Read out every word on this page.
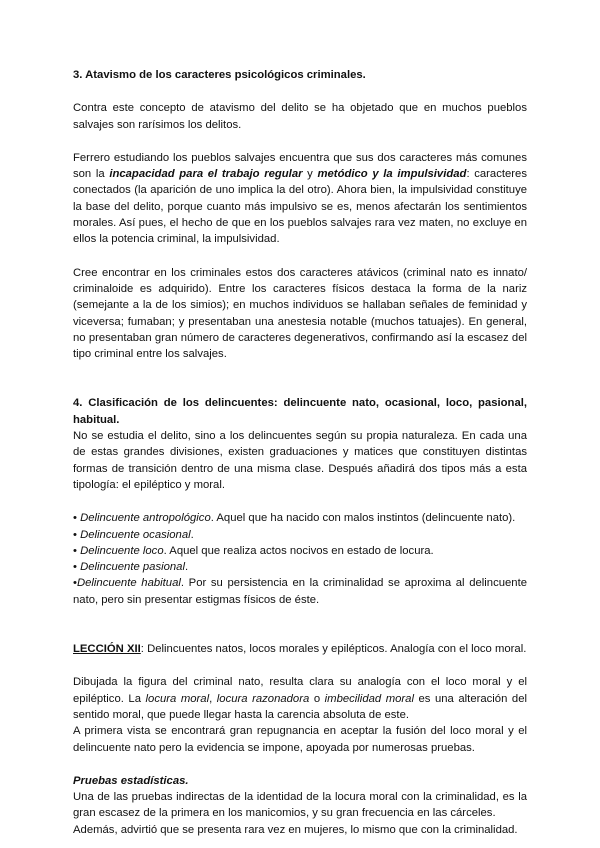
3. Atavismo de los caracteres psicológicos criminales.

Contra este concepto de atavismo del delito se ha objetado que en muchos pueblos salvajes son rarísimos los delitos.

Ferrero estudiando los pueblos salvajes encuentra que sus dos caracteres más comunes son la incapacidad para el trabajo regular y metódico y la impulsividad: caracteres conectados (la aparición de uno implica la del otro). Ahora bien, la impulsividad constituye la base del delito, porque cuanto más impulsivo se es, menos afectarán los sentimientos morales. Así pues, el hecho de que en los pueblos salvajes rara vez maten, no excluye en ellos la potencia criminal, la impulsividad.

Cree encontrar en los criminales estos dos caracteres atávicos (criminal nato es innato/ criminaloide es adquirido). Entre los caracteres físicos destaca la forma de la nariz (semejante a la de los simios); en muchos individuos se hallaban señales de feminidad y viceversa; fumaban; y presentaban una anestesia notable (muchos tatuajes). En general, no presentaban gran número de caracteres degenerativos, confirmando así la escasez del tipo criminal entre los salvajes.

4. Clasificación de los delincuentes: delincuente nato, ocasional, loco, pasional, habitual.

No se estudia el delito, sino a los delincuentes según su propia naturaleza. En cada una de estas grandes divisiones, existen graduaciones y matices que constituyen distintas formas de transición dentro de una misma clase. Después añadirá dos tipos más a esta tipología: el epiléptico y moral.

• Delincuente antropológico. Aquel que ha nacido con malos instintos (delincuente nato).

• Delincuente ocasional.

• Delincuente loco. Aquel que realiza actos nocivos en estado de locura.

• Delincuente pasional.

•Delincuente habitual. Por su persistencia en la criminalidad se aproxima al delincuente nato, pero sin presentar estigmas físicos de éste.

LECCIÓN XII: Delincuentes natos, locos morales y epilépticos. Analogía con el loco moral.

Dibujada la figura del criminal nato, resulta clara su analogía con el loco moral y el epiléptico. La locura moral, locura razonadora o imbecilidad moral es una alteración del sentido moral, que puede llegar hasta la carencia absoluta de este.

A primera vista se encontrará gran repugnancia en aceptar la fusión del loco moral y el delincuente nato pero la evidencia se impone, apoyada por numerosas pruebas.

Pruebas estadísticas.

Una de las pruebas indirectas de la identidad de la locura moral con la criminalidad, es la gran escasez de la primera en los manicomios, y su gran frecuencia en las cárceles.

Además, advirtió que se presenta rara vez en mujeres, lo mismo que con la criminalidad.
